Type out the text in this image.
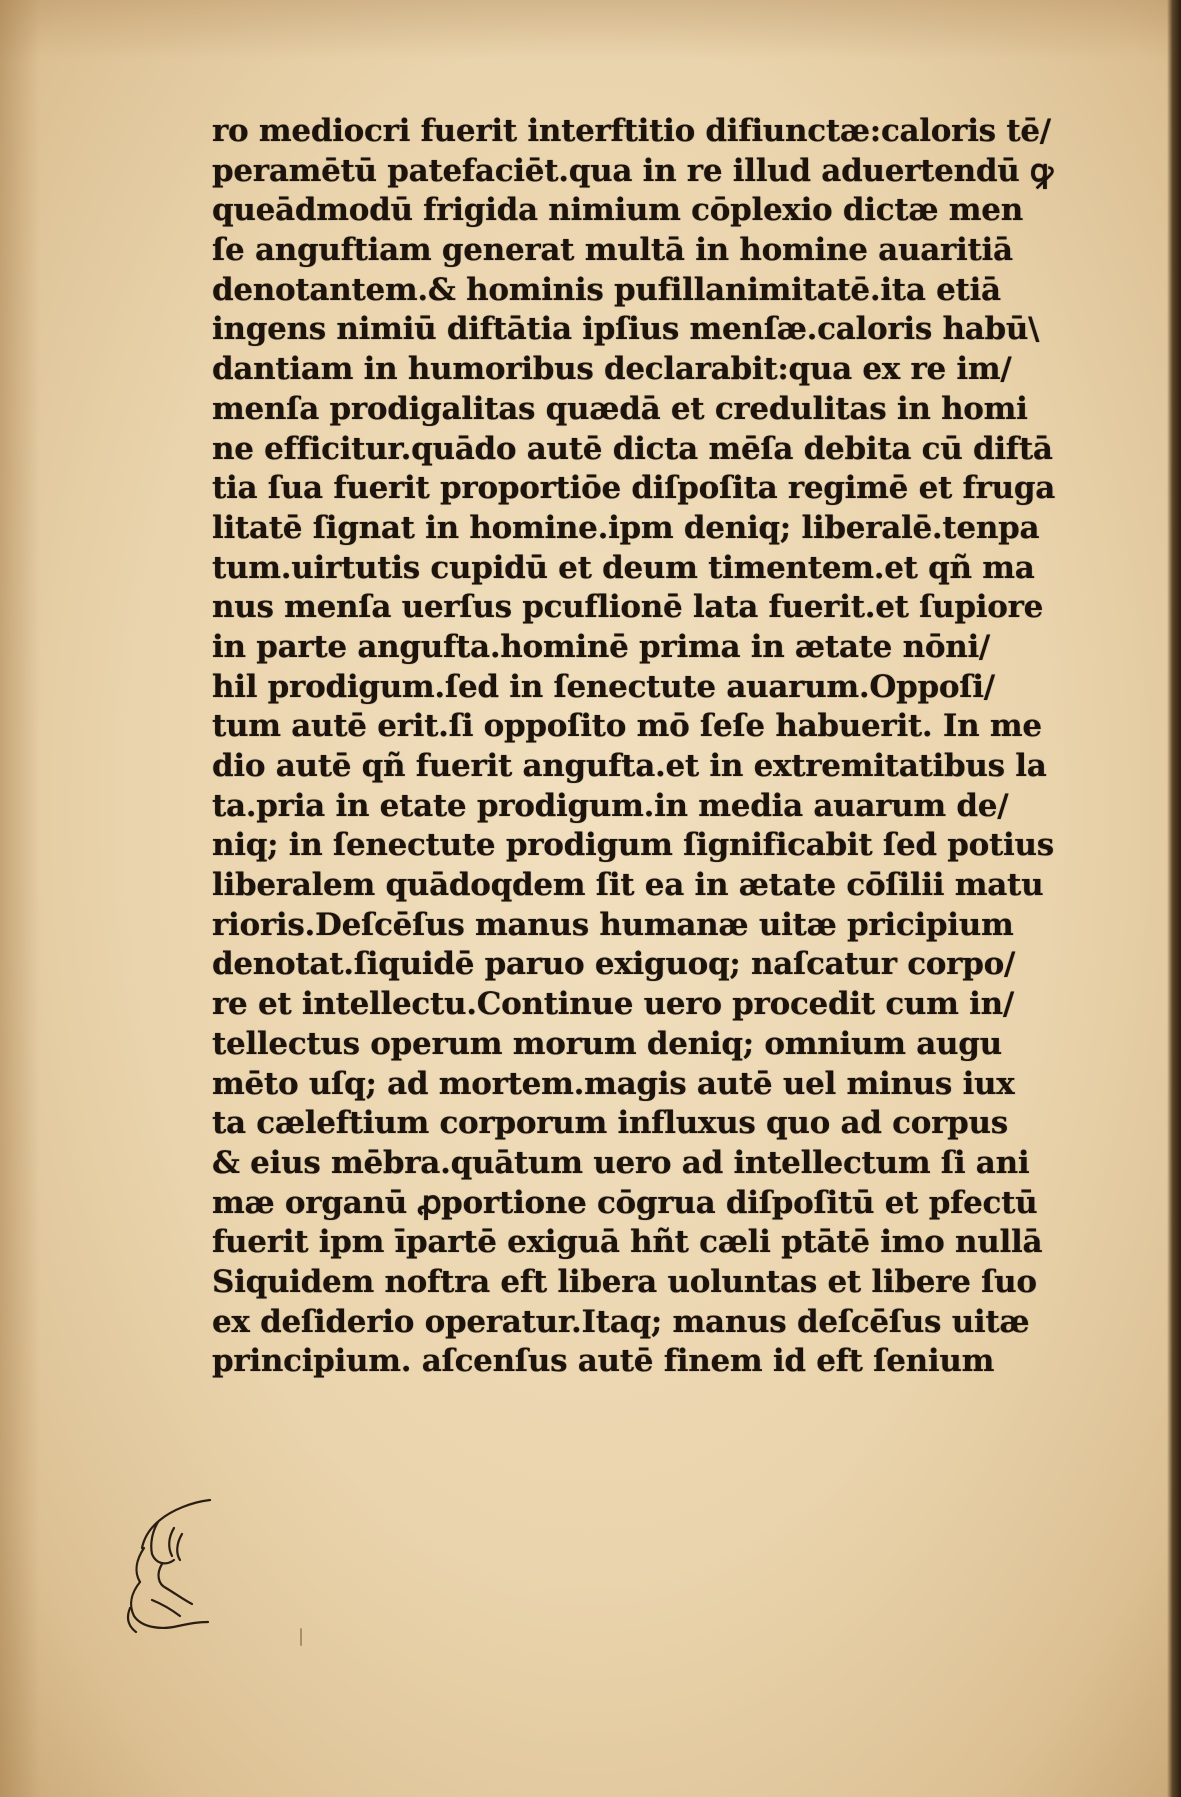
ro mediocri fuerit interftitio difiunctæ:caloris tē/
peramētū patefaciēt.qua in re illud aduertendū ꝙ
queādmodū frigida nimium cōplexio dictæ men
ſe anguftiam generat multā in homine auaritiā
denotantem.& hominis pufillanimitatē.ita etiā
ingens nimiū diftātia ipſius menſæ.caloris habū\
dantiam in humoribus declarabit:qua ex re im/
menſa prodigalitas quædā et credulitas in homi
ne efficitur.quādo autē dicta mēſa debita cū diftā
tia ſua fuerit proportiōe diſpoſita regimē et fruga
litatē ſignat in homine.ipm deniq; liberalē.tenpa
tum.uirtutis cupidū et deum timentem.et qñ ma
nus menſa uerſus pcuflionē lata fuerit.et ſupiore
in parte angufta.hominē prima in ætate nōni/
hil prodigum.ſed in ſenectute auarum.Oppoſi/
tum autē erit.ſi oppoſito mō ſeſe habuerit. In me
dio autē qñ fuerit angufta.et in extremitatibus la
ta.pria in etate prodigum.in media auarum de/
niq; in ſenectute prodigum ſignificabit ſed potius
liberalem quādoqdem ſit ea in ætate cōſilii matu
rioris.Deſcēſus manus humanæ uitæ pricipium
denotat.ſiquidē paruo exiguoq; naſcatur corpo/
re et intellectu.Continue uero procedit cum in/
tellectus operum morum deniq; omnium augu
mēto uſq; ad mortem.magis autē uel minus iux
ta cæleftium corporum influxus quo ad corpus
& eius mēbra.quātum uero ad intellectum ſi ani
mæ organū ꝓportione cōgrua diſpoſitū et pfectū
fuerit ipm īpartē exiguā hñt cæli ptātē imo nullā
Siquidem noftra eft libera uoluntas et libere ſuo
ex deſiderio operatur.Itaq; manus deſcēſus uitæ
principium. aſcenſus autē finem id eft ſenium
